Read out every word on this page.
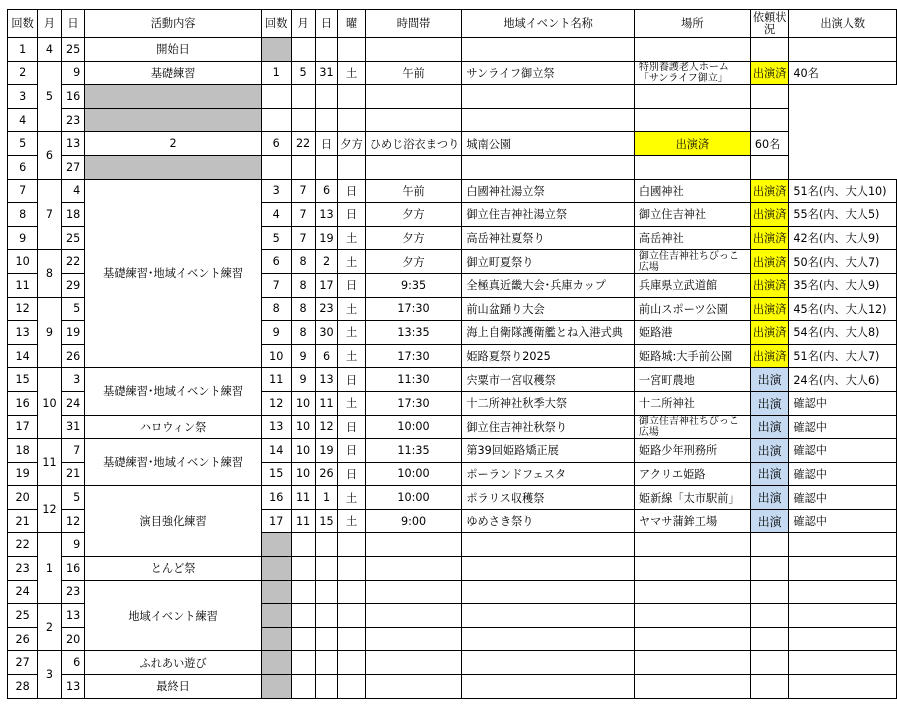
回数	月	日	活動内容	回数	月	日	曜	時間帯	地域イベント名称	場所	依頼状況	出演人数
1	4	25	開始日									
2	5	9	基礎練習	1	5	31	土	午前	サンライフ御立祭	特別養護老人ホーム「サンライフ御立」	出演済	40名
3		16										
4		23										
5	6	13	2	6	22	日	夕方	ひめじ浴衣まつり	城南公園	出演済	60名	
6		27										
7	7	4	基礎練習･地域イベント練習	3	7	6	日	午前	白國神社湯立祭	白國神社	出演済	51名(内、大人10)
8		18		4	7	13	日	夕方	御立住吉神社湯立祭	御立住吉神社	出演済	55名(内、大人5)
9		25		5	7	19	土	夕方	高岳神社夏祭り	高岳神社	出演済	42名(内、大人9)
10	8	22		6	8	2	土	夕方	御立町夏祭り	御立住吉神社ちびっこ広場	出演済	50名(内、大人7)
11		29		7	8	17	日	9:35	全極真近畿大会･兵庫カップ	兵庫県立武道館	出演済	35名(内、大人9)
12	9	5		8	8	23	土	17:30	前山盆踊り大会	前山スポーツ公園	出演済	45名(内、大人12)
13		19		9	8	30	土	13:35	海上自衛隊護衛艦とね入港式典	姫路港	出演済	54名(内、大人8)
14		26		10	9	6	土	17:30	姫路夏祭り2025	姫路城:大手前公園	出演済	51名(内、大人7)
15	10	3	基礎練習･地域イベント練習	11	9	13	日	11:30	宍粟市一宮収穫祭	一宮町農地	出演	24名(内、大人6)
16		24		12	10	11	土	17:30	十二所神社秋季大祭	十二所神社	出演	確認中
17		31	ハロウィン祭	13	10	12	日	10:00	御立住吉神社秋祭り	御立住吉神社ちびっこ広場	出演	確認中
18	11	7	基礎練習･地域イベント練習	14	10	19	日	11:35	第39回姫路矯正展	姫路少年刑務所	出演	確認中
19		21		15	10	26	日	10:00	ポーランドフェスタ	アクリエ姫路	出演	確認中
20	12	5	演目強化練習	16	11	1	土	10:00	ポラリス収穫祭	姫新線「太市駅前」	出演	確認中
21		12		17	11	15	土	9:00	ゆめさき祭り	ヤマサ蒲鉾工場	出演	確認中
22	1	9										
23		16	とんど祭									
24		23	地域イベント練習									
25	2	13										
26		20										
27	3	6	ふれあい遊び									
28		13	最終日									
